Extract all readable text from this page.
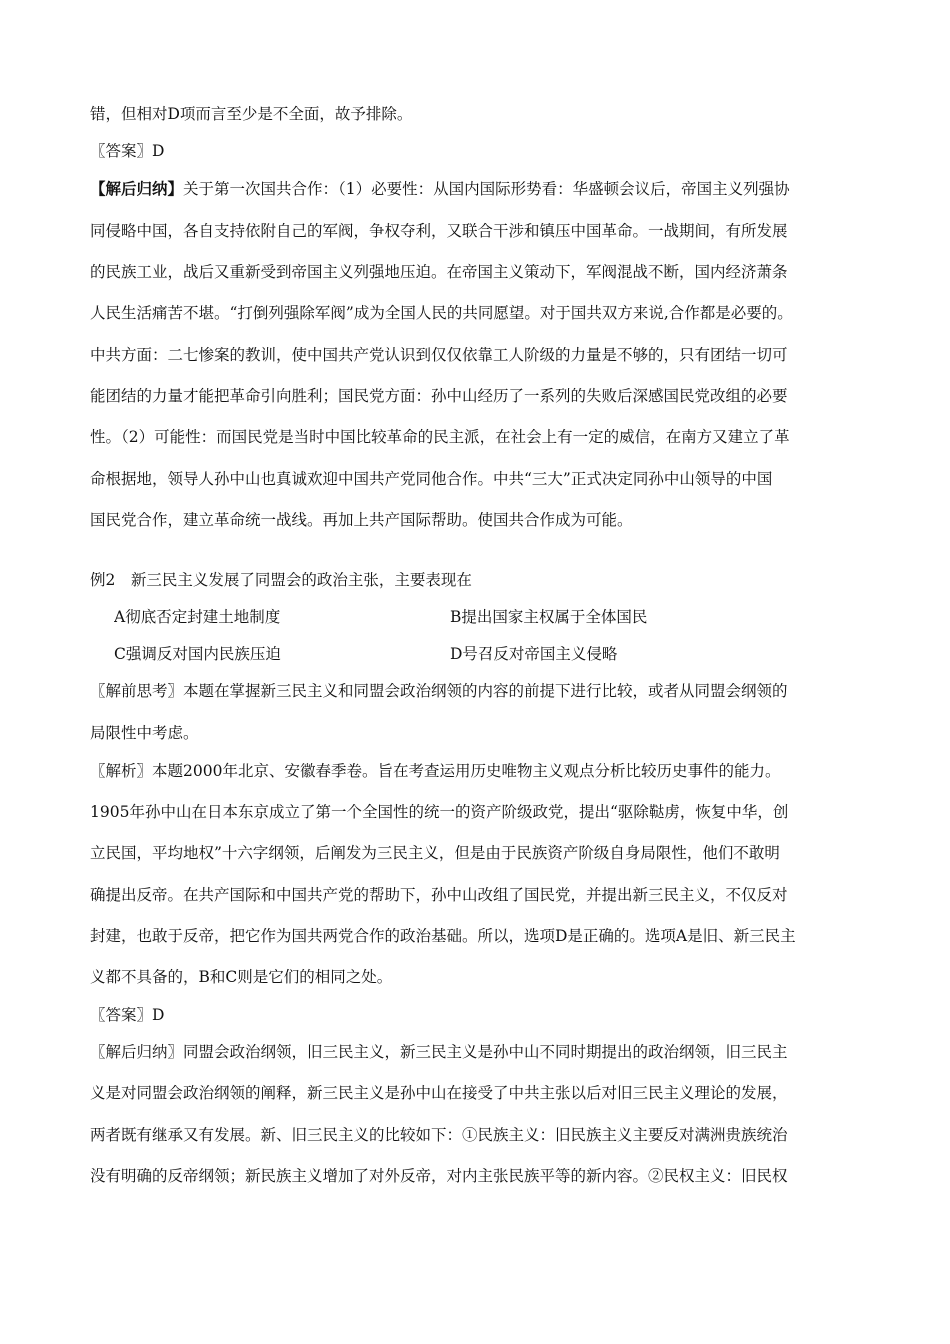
错，但相对D项而言至少是不全面，故予排除。
〖答案〗D
【解后归纳】关于第一次国共合作：（1）必要性：从国内国际形势看：华盛顿会议后，帝国主义列强协
同侵略中国，各自支持依附自己的军阀，争权夺利，又联合干涉和镇压中国革命。一战期间，有所发展
的民族工业，战后又重新受到帝国主义列强地压迫。在帝国主义策动下，军阀混战不断，国内经济萧条
人民生活痛苦不堪。“打倒列强除军阀”成为全国人民的共同愿望。对于国共双方来说,合作都是必要的。
中共方面：二七惨案的教训，使中国共产党认识到仅仅依靠工人阶级的力量是不够的，只有团结一切可
能团结的力量才能把革命引向胜利；国民党方面：孙中山经历了一系列的失败后深感国民党改组的必要
性。（2）可能性：而国民党是当时中国比较革命的民主派，在社会上有一定的威信，在南方又建立了革
命根据地，领导人孙中山也真诚欢迎中国共产党同他合作。中共“三大”正式决定同孙中山领导的中国
国民党合作，建立革命统一战线。再加上共产国际帮助。使国共合作成为可能。
例2　新三民主义发展了同盟会的政治主张，主要表现在
A彻底否定封建土地制度	B提出国家主权属于全体国民
C强调反对国内民族压迫	D号召反对帝国主义侵略
〖解前思考〗本题在掌握新三民主义和同盟会政治纲领的内容的前提下进行比较，或者从同盟会纲领的
局限性中考虑。
〖解析〗本题2000年北京、安徽春季卷。旨在考查运用历史唯物主义观点分析比较历史事件的能力。
1905年孙中山在日本东京成立了第一个全国性的统一的资产阶级政党，提出“驱除鞑虏，恢复中华，创
立民国，平均地权”十六字纲领，后阐发为三民主义，但是由于民族资产阶级自身局限性，他们不敢明
确提出反帝。在共产国际和中国共产党的帮助下，孙中山改组了国民党，并提出新三民主义，不仅反对
封建，也敢于反帝，把它作为国共两党合作的政治基础。所以，选项D是正确的。选项A是旧、新三民主
义都不具备的，B和C则是它们的相同之处。
〖答案〗D
〖解后归纳〗同盟会政治纲领，旧三民主义，新三民主义是孙中山不同时期提出的政治纲领，旧三民主
义是对同盟会政治纲领的阐释，新三民主义是孙中山在接受了中共主张以后对旧三民主义理论的发展，
两者既有继承又有发展。新、旧三民主义的比较如下：①民族主义：旧民族主义主要反对满洲贵族统治
没有明确的反帝纲领；新民族主义增加了对外反帝，对内主张民族平等的新内容。②民权主义：旧民权
